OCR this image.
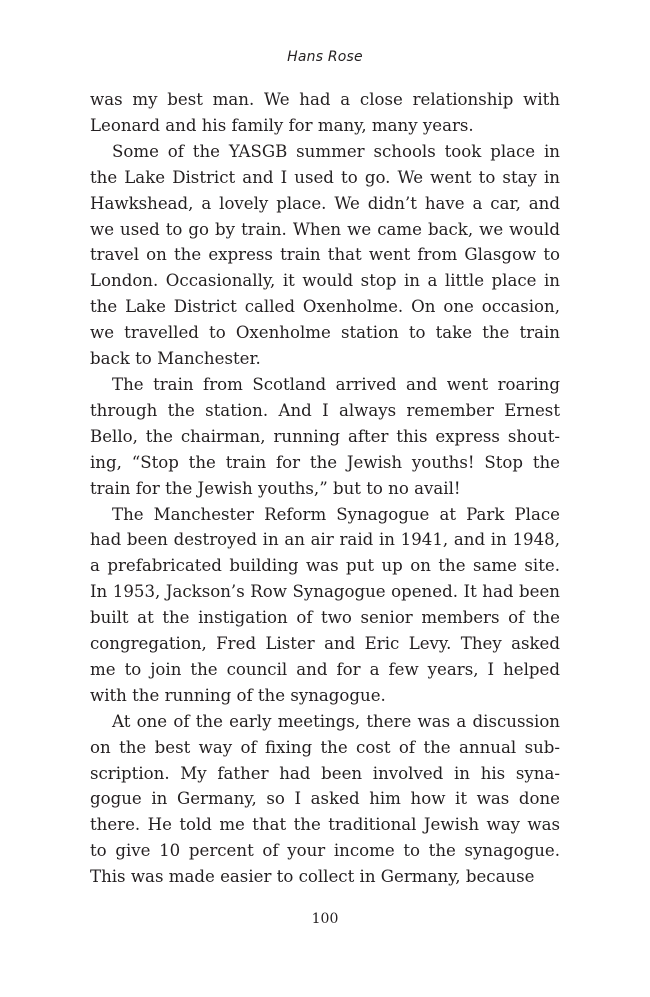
Hans Rose

was my best man. We had a close relationship with Leonard and his family for many, many years.

Some of the YASGB summer schools took place in the Lake District and I used to go. We went to stay in Hawkshead, a lovely place. We didn’t have a car, and we used to go by train. When we came back, we would travel on the express train that went from Glasgow to London. Occasionally, it would stop in a little place in the Lake District called Oxenholme. On one occasion, we travelled to Oxenholme station to take the train back to Manchester.

The train from Scotland arrived and went roaring through the station. And I always remember Ernest Bello, the chairman, running after this express shouting, “Stop the train for the Jewish youths! Stop the train for the Jewish youths,” but to no avail!

The Manchester Reform Synagogue at Park Place had been destroyed in an air raid in 1941, and in 1948, a prefabricated building was put up on the same site. In 1953, Jackson’s Row Synagogue opened. It had been built at the instigation of two senior members of the congregation, Fred Lister and Eric Levy. They asked me to join the council and for a few years, I helped with the running of the synagogue.

At one of the early meetings, there was a discussion on the best way of fixing the cost of the annual subscription. My father had been involved in his synagogue in Germany, so I asked him how it was done there. He told me that the traditional Jewish way was to give 10 percent of your income to the synagogue. This was made easier to collect in Germany, because

100
